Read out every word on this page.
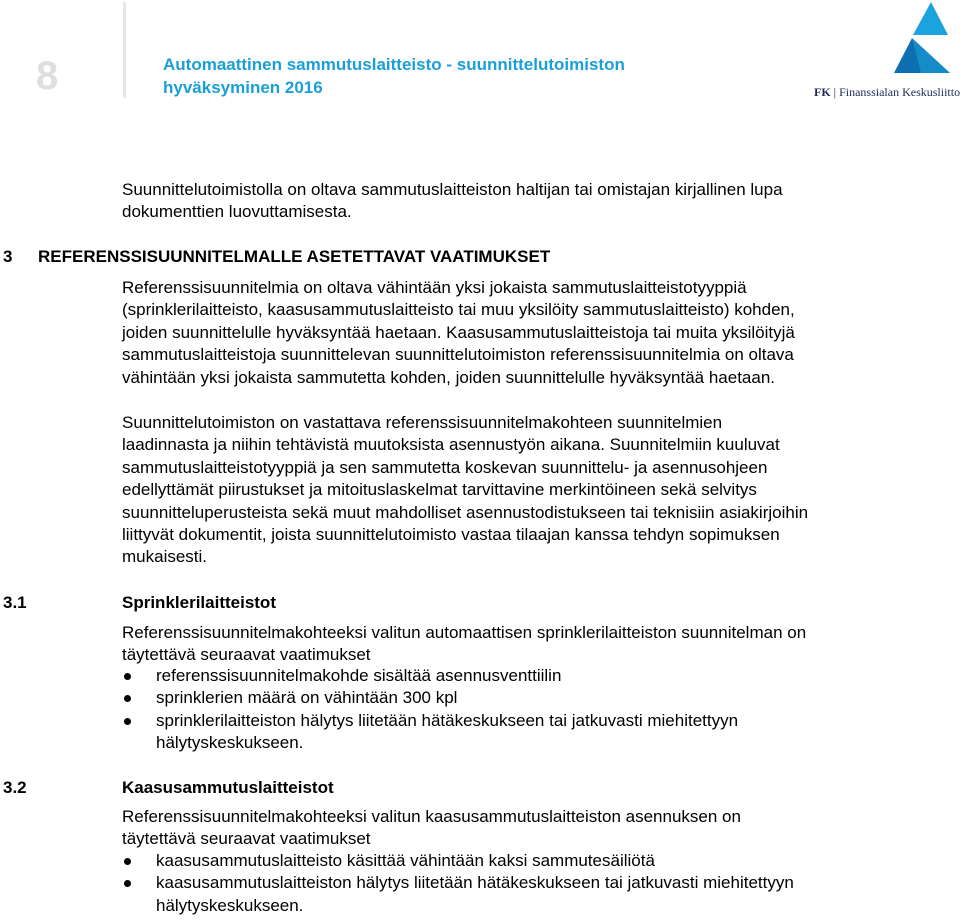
8	Automaattinen sammutuslaitteisto - suunnittelutoimiston
hyväksyminen 2016	FK | Finanssialan Keskusliitto
Suunnittelutoimistolla on oltava sammutuslaitteiston haltijan tai omistajan kirjallinen lupa
dokumenttien luovuttamisesta.
3 REFERENSSISUUNNITELMALLE ASETETTAVAT VAATIMUKSET
Referenssisuunnitelmia on oltava vähintään yksi jokaista sammutuslaitteistotyyppiä
(sprinklerilaitteisto, kaasusammutuslaitteisto tai muu yksilöity sammutuslaitteisto) kohden,
joiden suunnittelulle hyväksyntää haetaan. Kaasusammutuslaitteistoja tai muita yksilöityjä
sammutuslaitteistoja suunnittelevan suunnittelutoimiston referenssisuunnitelmia on oltava
vähintään yksi jokaista sammutetta kohden, joiden suunnittelulle hyväksyntää haetaan.
Suunnittelutoimiston on vastattava referenssisuunnitelmakohteen suunnitelmien
laadinnasta ja niihin tehtävistä muutoksista asennustyön aikana. Suunnitelmiin kuuluvat
sammutuslaitteistotyyppiä ja sen sammutetta koskevan suunnittelu- ja asennusohjeen
edellyttämät piirustukset ja mitoituslaskelmat tarvittavine merkintöineen sekä selvitys
suunnitteluperusteista sekä muut mahdolliset asennustodistukseen tai teknisiin asiakirjoihin
liittyvät dokumentit, joista suunnittelutoimisto vastaa tilaajan kanssa tehdyn sopimuksen
mukaisesti.
3.1	Sprinklerilaitteistot
Referenssisuunnitelmakohteeksi valitun automaattisen sprinklerilaitteiston suunnitelman on
täytettävä seuraavat vaatimukset
referenssisuunnitelmakohde sisältää asennusventtiilin
sprinklerien määrä on vähintään 300 kpl
sprinklerilaitteiston hälytys liitetään hätäkeskukseen tai jatkuvasti miehitettyyn
hälytyskeskukseen.
3.2	Kaasusammutuslaitteistot
Referenssisuunnitelmakohteeksi valitun kaasusammutuslaitteiston asennuksen on
täytettävä seuraavat vaatimukset
kaasusammutuslaitteisto käsittää vähintään kaksi sammutesäiliötä
kaasusammutuslaitteiston hälytys liitetään hätäkeskukseen tai jatkuvasti miehitettyyn
hälytyskeskukseen.
